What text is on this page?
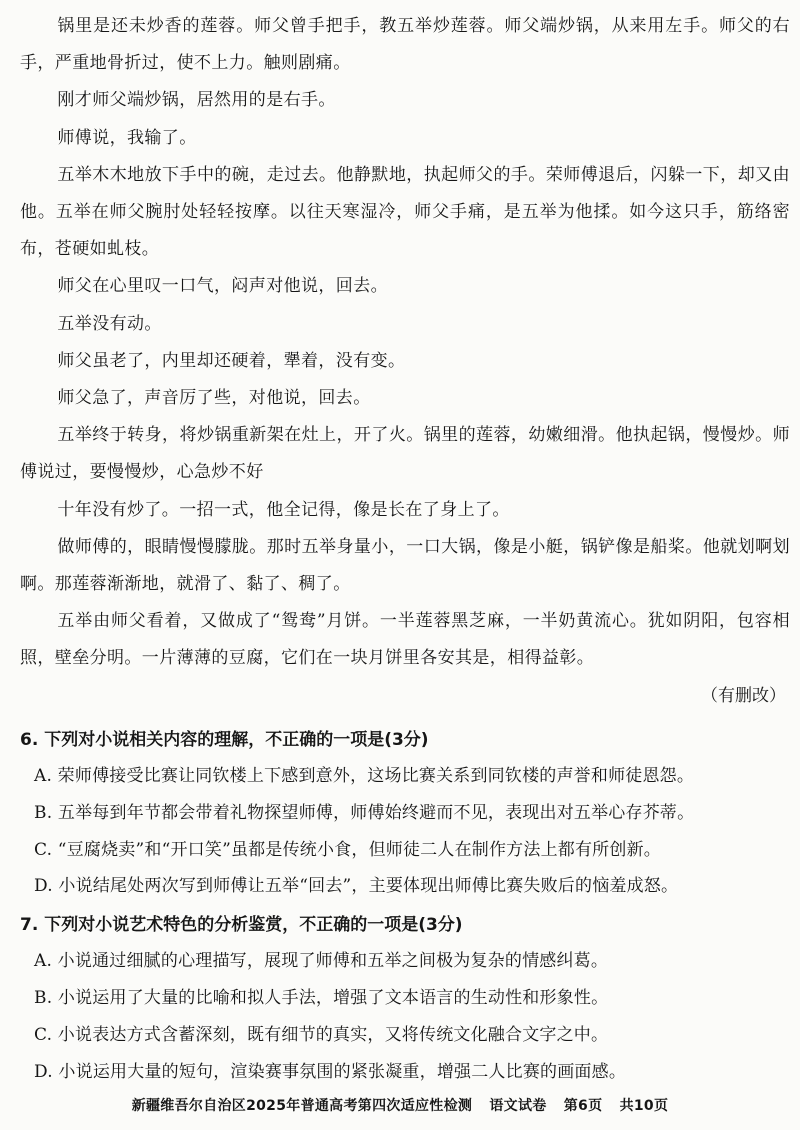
锅里是还未炒香的莲蓉。师父曾手把手，教五举炒莲蓉。师父端炒锅，从来用左手。师父的右手，严重地骨折过，使不上力。触则剧痛。

刚才师父端炒锅，居然用的是右手。

师傅说，我输了。

五举木木地放下手中的碗，走过去。他静默地，执起师父的手。荣师傅退后，闪躲一下，却又由他。五举在师父腕肘处轻轻按摩。以往天寒湿冷，师父手痛，是五举为他揉。如今这只手，筋络密布，苍硬如虬枝。

师父在心里叹一口气，闷声对他说，回去。

五举没有动。

师父虽老了，内里却还硬着，犟着，没有变。

师父急了，声音厉了些，对他说，回去。

五举终于转身，将炒锅重新架在灶上，开了火。锅里的莲蓉，幼嫩细滑。他执起锅，慢慢炒。师傅说过，要慢慢炒，心急炒不好

十年没有炒了。一招一式，他全记得，像是长在了身上了。

做师傅的，眼睛慢慢朦胧。那时五举身量小，一口大锅，像是小艇，锅铲像是船桨。他就划啊划啊。那莲蓉渐渐地，就滑了、黏了、稠了。

五举由师父看着，又做成了“鸳鸯”月饼。一半莲蓉黑芝麻，一半奶黄流心。犹如阴阳，包容相照，壁垒分明。一片薄薄的豆腐，它们在一块月饼里各安其是，相得益彰。

（有删改）

6. 下列对小说相关内容的理解，不正确的一项是(3分)

A. 荣师傅接受比赛让同钦楼上下感到意外，这场比赛关系到同钦楼的声誉和师徒恩怨。

B. 五举每到年节都会带着礼物探望师傅，师傅始终避而不见，表现出对五举心存芥蒂。

C. “豆腐烧卖”和“开口笑”虽都是传统小食，但师徒二人在制作方法上都有所创新。

D. 小说结尾处两次写到师傅让五举“回去”，主要体现出师傅比赛失败后的恼羞成怒。

7. 下列对小说艺术特色的分析鉴赏，不正确的一项是(3分)

A. 小说通过细腻的心理描写，展现了师傅和五举之间极为复杂的情感纠葛。

B. 小说运用了大量的比喻和拟人手法，增强了文本语言的生动性和形象性。

C. 小说表达方式含蓄深刻，既有细节的真实，又将传统文化融合文字之中。

D. 小说运用大量的短句，渲染赛事氛围的紧张凝重，增强二人比赛的画面感。

新疆维吾尔自治区2025年普通高考第四次适应性检测 语文试卷 第6页 共10页
